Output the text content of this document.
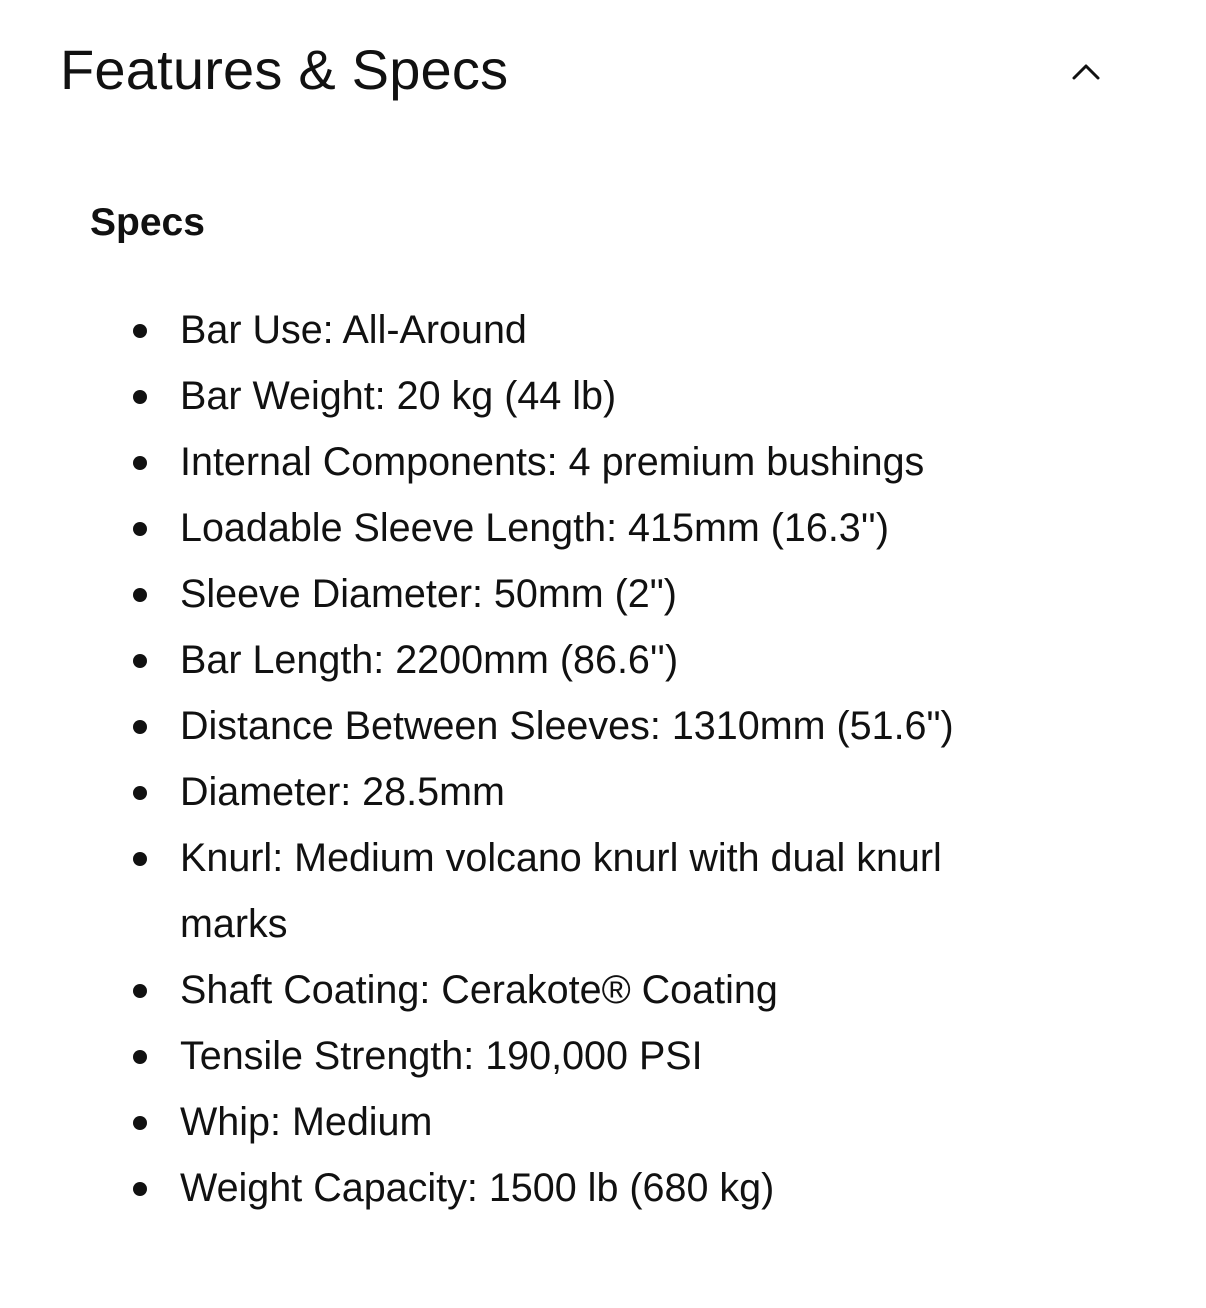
Features & Specs
Specs
Bar Use: All-Around
Bar Weight: 20 kg (44 lb)
Internal Components: 4 premium bushings
Loadable Sleeve Length: 415mm (16.3'')
Sleeve Diameter: 50mm (2")
Bar Length: 2200mm (86.6'')
Distance Between Sleeves: 1310mm (51.6")
Diameter: 28.5mm
Knurl: Medium volcano knurl with dual knurl marks
Shaft Coating: Cerakote® Coating
Tensile Strength: 190,000 PSI
Whip: Medium
Weight Capacity: 1500 lb (680 kg)
